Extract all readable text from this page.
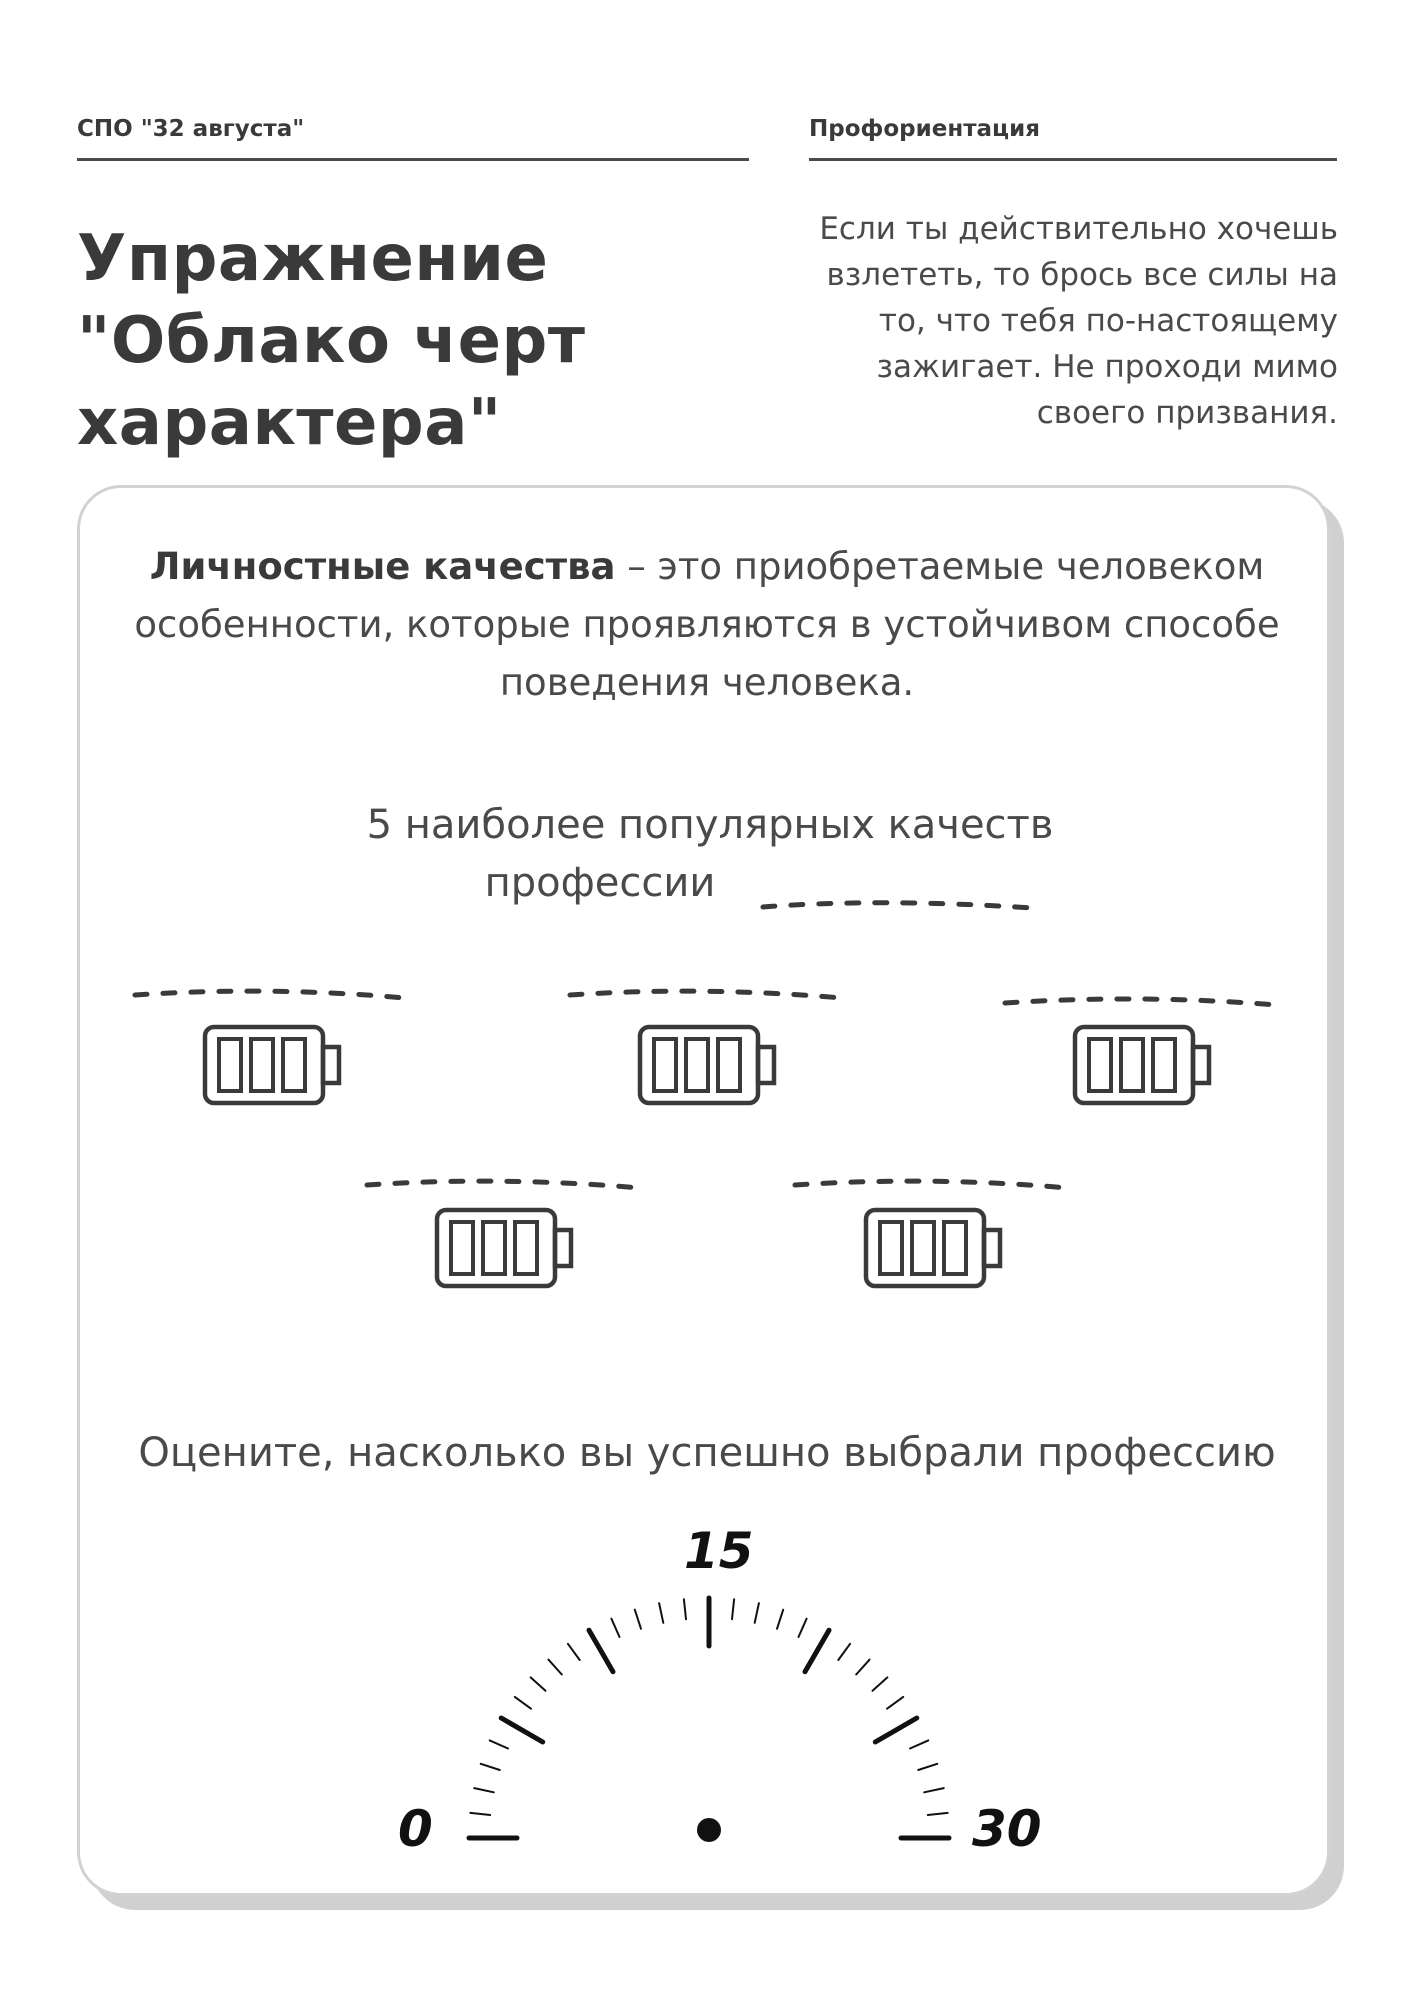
СПО "32 августа"	Профориентация
Упражнение "Облако черт характера"
Если ты действительно хочешь взлететь, то брось все силы на то, что тебя по-настоящему зажигает. Не проходи мимо своего призвания.
Личностные качества – это приобретаемые человеком особенности, которые проявляются в устойчивом способе поведения человека.
5 наиболее популярных качеств
профессии
Оцените, насколько вы успешно выбрали профессию
0
15
30
